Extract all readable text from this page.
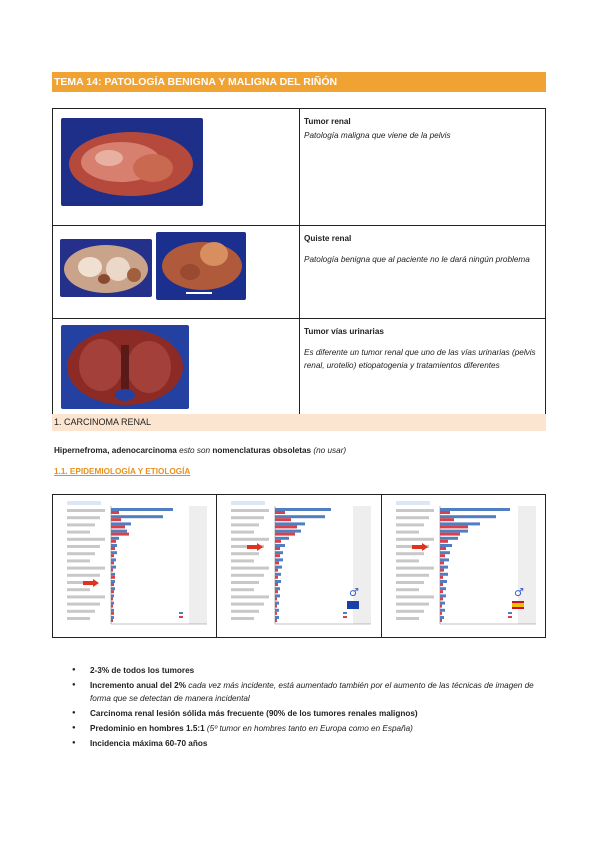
TEMA 14: PATOLOGÍA BENIGNA Y MALIGNA DEL RIÑÓN

Tumor renal
Patología maligna que viene de la pelvis

Quiste renal
Patología benigna que al paciente no le dará ningún problema

Tumor vías urinarias
Es diferente un tumor renal que uno de las vías urinarias (pelvis renal, urotelio) etiopatogenia y tratamientos diferentes
1. CARCINOMA RENAL
Hipernefroma, adenocarcinoma esto son nomenclaturas obsoletas (no usar)
1.1. EPIDEMIOLOGÍA Y ETIOLOGÍA

♂	♂
● 2-3% de todos los tumores
● Incremento anual del 2% cada vez más incidente, está aumentado también por el aumento de las técnicas de imagen de forma que se detectan de manera incidental
● Carcinoma renal lesión sólida más frecuente (90% de los tumores renales malignos)
● Predominio en hombres 1.5:1 (5º tumor en hombres tanto en Europa como en España)
● Incidencia máxima 60-70 años
